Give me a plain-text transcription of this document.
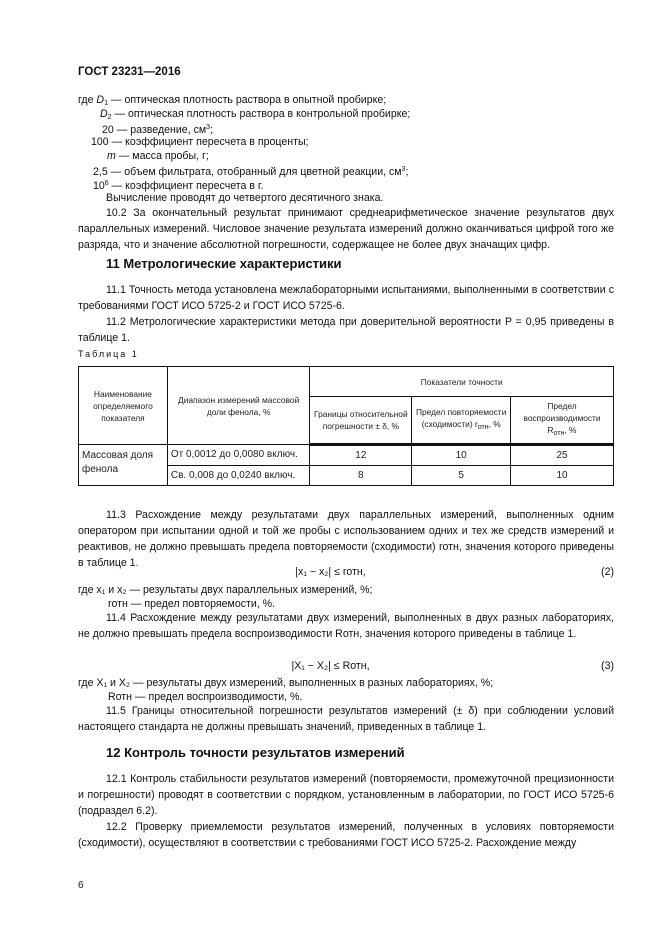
ГОСТ 23231—2016
где $D_1$ — оптическая плотность раствора в опытной пробирке;
$D_2$ — оптическая плотность раствора в контрольной пробирке;
20 — разведение, $см^3$;
100 — коэффициент пересчета в проценты;
m — масса пробы, г;
2,5 — объем фильтрата, отобранный для цветной реакции, $см^3$;
$10^6$ — коэффициент пересчета в г.
Вычисление проводят до четвертого десятичного знака.
10.2 За окончательный результат принимают среднеарифметическое значение результатов двух параллельных измерений. Числовое значение результата измерений должно оканчиваться цифрой того же разряда, что и значение абсолютной погрешности, содержащее не более двух значащих цифр.
11 Метрологические характеристики
11.1 Точность метода установлена межлабораторными испытаниями, выполненными в соответствии с требованиями ГОСТ ИСО 5725-2 и ГОСТ ИСО 5725-6.
11.2 Метрологические характеристики метода при доверительной вероятности P = 0,95 приведены в таблице 1.
Таблица 1
Наименование определяемого показателя	Диапазон измерений массовой доли фенола, %	Показатели точности		
		Границы относительной погрешности ± δ, %	Предел повторяемости (сходимости) $r_{отн}$, %	Предел воспроизводимости $R_{отн}$, %
Массовая доля фенола	От 0,0012 до 0,0080 включ.	12	10	25
	Св. 0,008 до 0,0240 включ.	8	5	10
11.3 Расхождение между результатами двух параллельных измерений, выполненных одним оператором при испытании одной и той же пробы с использованием одних и тех же средств измерений и реактивов, не должно превышать предела повторяемости (сходимости) rотн, значения которого приведены в таблице 1.
|x₁ − x₂| ≤ rотн,	(2)
где x₁ и x₂ — результаты двух параллельных измерений, %;
rотн — предел повторяемости, %.
11.4 Расхождение между результатами двух измерений, выполненных в двух разных лабораториях, не должно превышать предела воспроизводимости Rотн, значения которого приведены в таблице 1.
|X₁ − X₂| ≤ Rотн,	(3)
где X₁ и X₂ — результаты двух измерений, выполненных в разных лабораториях, %;
Rотн — предел воспроизводимости, %.
11.5 Границы относительной погрешности результатов измерений (± δ) при соблюдении условий настоящего стандарта не должны превышать значений, приведенных в таблице 1.
12 Контроль точности результатов измерений
12.1 Контроль стабильности результатов измерений (повторяемости, промежуточной прецизионности и погрешности) проводят в соответствии с порядком, установленным в лаборатории, по ГОСТ ИСО 5725-6 (подраздел 6.2).
12.2 Проверку приемлемости результатов измерений, полученных в условиях повторяемости (сходимости), осуществляют в соответствии с требованиями ГОСТ ИСО 5725-2. Расхождение между
6
